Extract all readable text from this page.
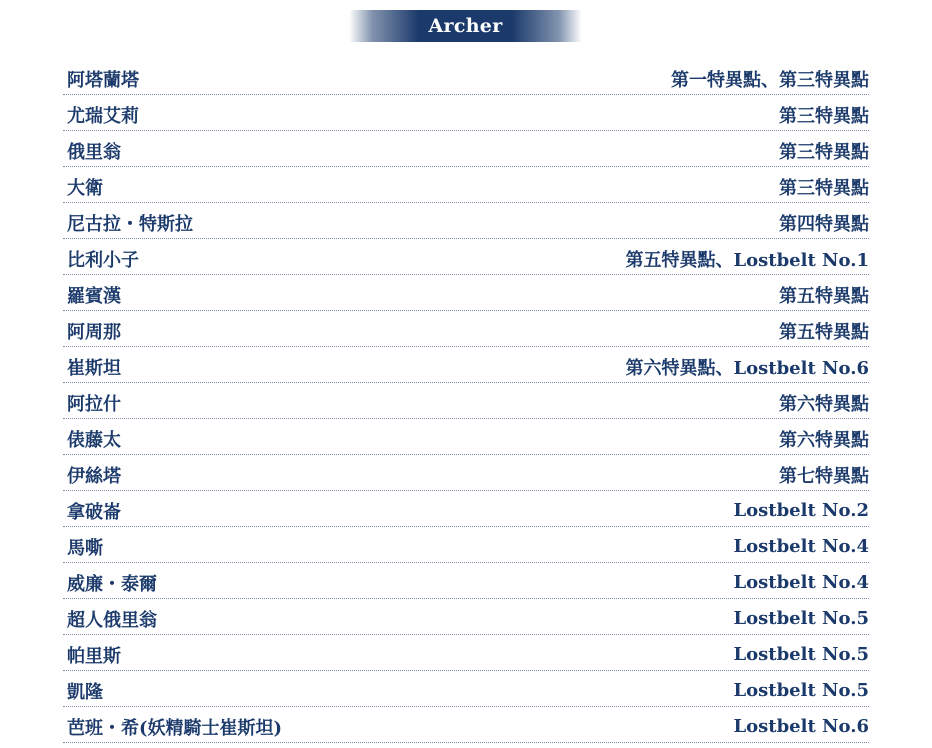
Archer
阿塔蘭塔	第一特異點、第三特異點
尤瑞艾莉	第三特異點
俄里翁	第三特異點
大衛	第三特異點
尼古拉・特斯拉	第四特異點
比利小子	第五特異點、Lostbelt No.1
羅賓漢	第五特異點
阿周那	第五特異點
崔斯坦	第六特異點、Lostbelt No.6
阿拉什	第六特異點
俵藤太	第六特異點
伊絲塔	第七特異點
拿破崙	Lostbelt No.2
馬嘶	Lostbelt No.4
威廉・泰爾	Lostbelt No.4
超人俄里翁	Lostbelt No.5
帕里斯	Lostbelt No.5
凱隆	Lostbelt No.5
芭班・希(妖精騎士崔斯坦)	Lostbelt No.6
